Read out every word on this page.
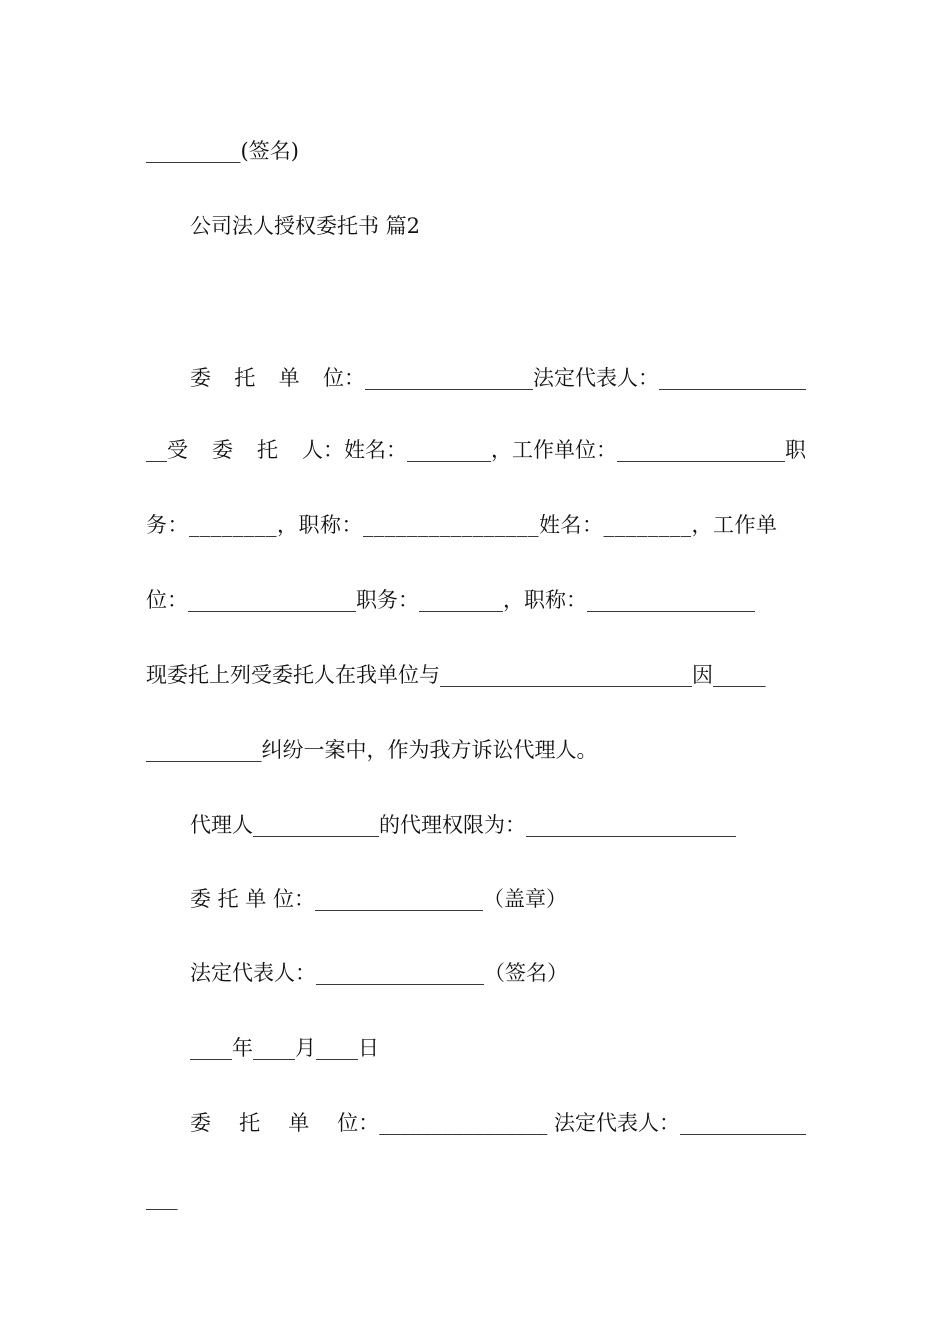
_________(签名)
公司法人授权委托书 篇2
委 托 单 位：________________法定代表人：______________
__受 委 托 人：姓名：________，工作单位：________________职
务：________，职称：________________姓名：________，工作单
位：________________职务：________，职称：________________
现委托上列受委托人在我单位与________________________因_____
___________纠纷一案中，作为我方诉讼代理人。
代理人____________的代理权限为：____________________
委 托 单 位：________________（盖章）
法定代表人：________________（签名）
____年____月____日
委 托 单 位：________________ 法定代表人：____________
___
